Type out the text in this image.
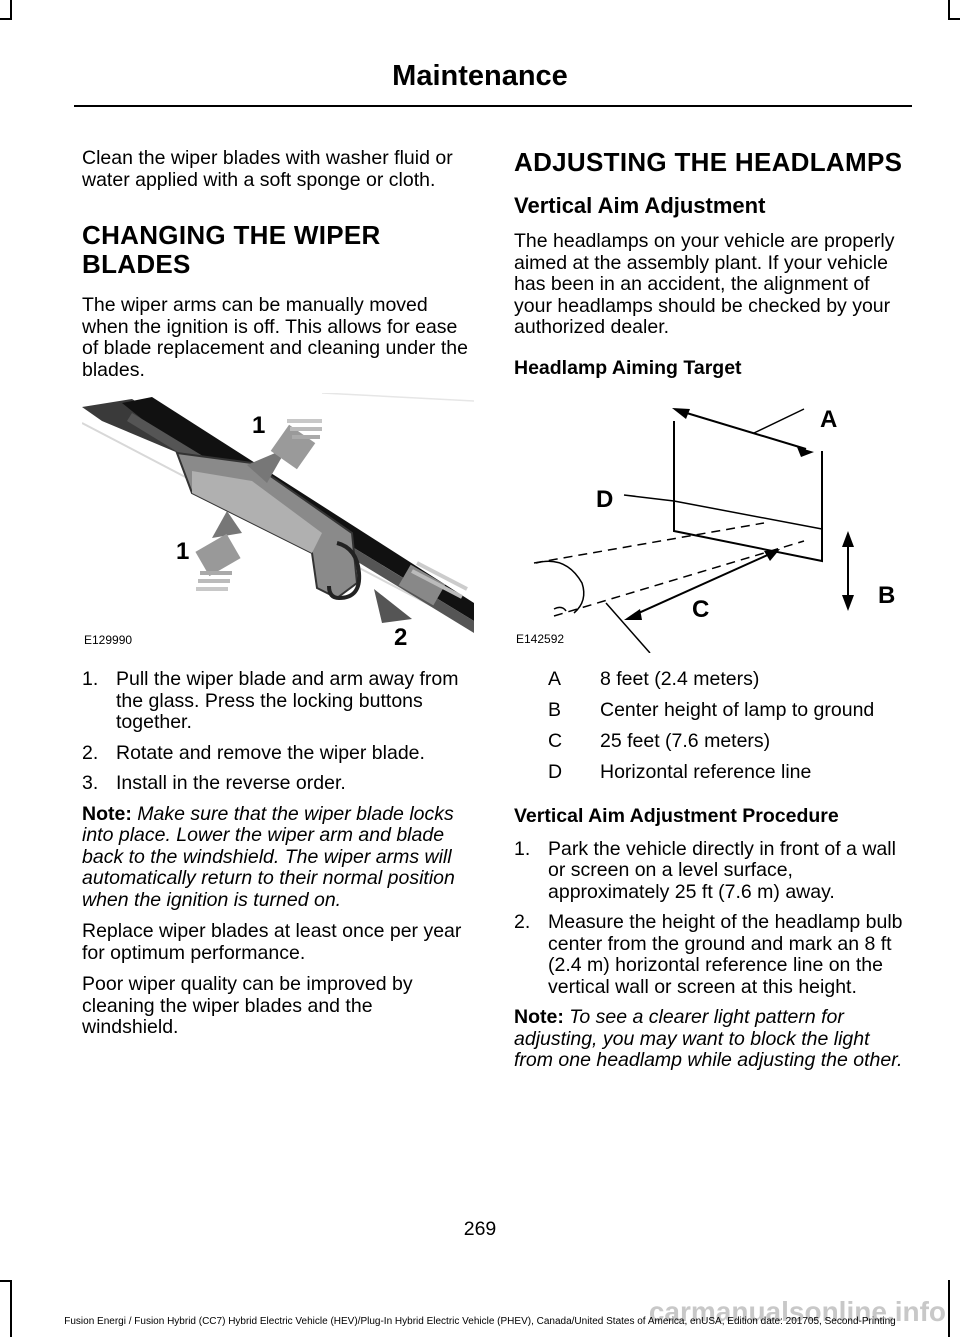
Maintenance

Clean the wiper blades with washer fluid or water applied with a soft sponge or cloth.

CHANGING THE WIPER BLADES

The wiper arms can be manually moved when the ignition is off. This allows for ease of blade replacement and cleaning under the blades.

1
1
2
E129990
1. Pull the wiper blade and arm away from the glass. Press the locking buttons together.
2. Rotate and remove the wiper blade.
3. Install in the reverse order.

Note: Make sure that the wiper blade locks into place. Lower the wiper arm and blade back to the windshield. The wiper arms will automatically return to their normal position when the ignition is turned on.

Replace wiper blades at least once per year for optimum performance.

Poor wiper quality can be improved by cleaning the wiper blades and the windshield.

ADJUSTING THE HEADLAMPS
Vertical Aim Adjustment

The headlamps on your vehicle are properly aimed at the assembly plant. If your vehicle has been in an accident, the alignment of your headlamps should be checked by your authorized dealer.

Headlamp Aiming Target
A
D
B
C
E142592
A	8 feet (2.4 meters)
B	Center height of lamp to ground
C	25 feet (7.6 meters)
D	Horizontal reference line
Vertical Aim Adjustment Procedure
1. Park the vehicle directly in front of a wall or screen on a level surface, approximately 25 ft (7.6 m) away.
2. Measure the height of the headlamp bulb center from the ground and mark an 8 ft (2.4 m) horizontal reference line on the vertical wall or screen at this height.

Note: To see a clearer light pattern for adjusting, you may want to block the light from one headlamp while adjusting the other.

269
carmanualsonline.info
Fusion Energi / Fusion Hybrid (CC7) Hybrid Electric Vehicle (HEV)/Plug-In Hybrid Electric Vehicle (PHEV), Canada/United States of America, enUSA, Edition date: 201705, Second-Printing
